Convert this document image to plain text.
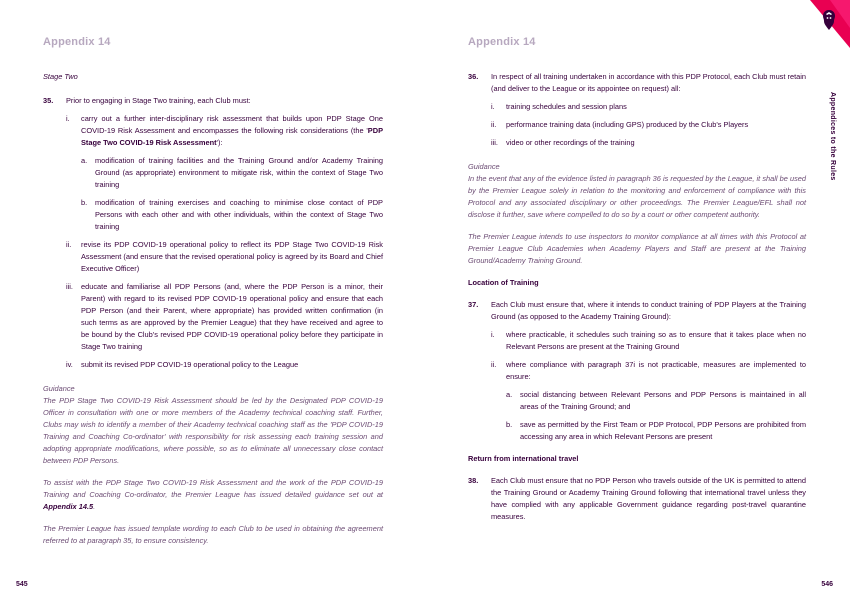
Appendix 14
Stage Two
35.	Prior to engaging in Stage Two training, each Club must:
i.	carry out a further inter-disciplinary risk assessment that builds upon PDP Stage One COVID-19 Risk Assessment and encompasses the following risk considerations (the 'PDP Stage Two COVID-19 Risk Assessment'):
a.	modification of training facilities and the Training Ground and/or Academy Training Ground (as appropriate) environment to mitigate risk, within the context of Stage Two training
b.	modification of training exercises and coaching to minimise close contact of PDP Persons with each other and with other individuals, within the context of Stage Two training
ii.	revise its PDP COVID-19 operational policy to reflect its PDP Stage Two COVID-19 Risk Assessment (and ensure that the revised operational policy is agreed by its Board and Chief Executive Officer)
iii.	educate and familiarise all PDP Persons (and, where the PDP Person is a minor, their Parent) with regard to its revised PDP COVID-19 operational policy and ensure that each PDP Person (and their Parent, where appropriate) has provided written confirmation (in such terms as are approved by the Premier League) that they have received and agree to be bound by the Club's revised PDP COVID-19 operational policy before they participate in Stage Two training
iv.	submit its revised PDP COVID-19 operational policy to the League
Guidance
The PDP Stage Two COVID-19 Risk Assessment should be led by the Designated PDP COVID-19 Officer in consultation with one or more members of the Academy technical coaching staff. Further, Clubs may wish to identify a member of their Academy technical coaching staff as the 'PDP COVID-19 Training and Coaching Co-ordinator' with responsibility for risk assessing each training session and adopting appropriate modifications, where possible, so as to eliminate all unnecessary close contact between PDP Persons.
To assist with the PDP Stage Two COVID-19 Risk Assessment and the work of the PDP COVID-19 Training and Coaching Co-ordinator, the Premier League has issued detailed guidance set out at Appendix 14.5.
The Premier League has issued template wording to each Club to be used in obtaining the agreement referred to at paragraph 35, to ensure consistency.
545
Appendices to the Rules
Appendix 14
36.	In respect of all training undertaken in accordance with this PDP Protocol, each Club must retain (and deliver to the League or its appointee on request) all:
i.	training schedules and session plans
ii.	performance training data (including GPS) produced by the Club's Players
iii.	video or other recordings of the training
Guidance
In the event that any of the evidence listed in paragraph 36 is requested by the League, it shall be used by the Premier League solely in relation to the monitoring and enforcement of compliance with this Protocol and any associated disciplinary or other proceedings. The Premier League/EFL shall not disclose it further, save where compelled to do so by a court or other competent authority.
The Premier League intends to use inspectors to monitor compliance at all times with this Protocol at Premier League Club Academies when Academy Players and Staff are present at the Training Ground/Academy Training Ground.
Location of Training
37.	Each Club must ensure that, where it intends to conduct training of PDP Players at the Training Ground (as opposed to the Academy Training Ground):
i.	where practicable, it schedules such training so as to ensure that it takes place when no Relevant Persons are present at the Training Ground
ii.	where compliance with paragraph 37i is not practicable, measures are implemented to ensure:
a.	social distancing between Relevant Persons and PDP Persons is maintained in all areas of the Training Ground; and
b.	save as permitted by the First Team or PDP Protocol, PDP Persons are prohibited from accessing any area in which Relevant Persons are present
Return from international travel
38.	Each Club must ensure that no PDP Person who travels outside of the UK is permitted to attend the Training Ground or Academy Training Ground following that international travel unless they have complied with any applicable Government guidance regarding post-travel quarantine measures.
546
